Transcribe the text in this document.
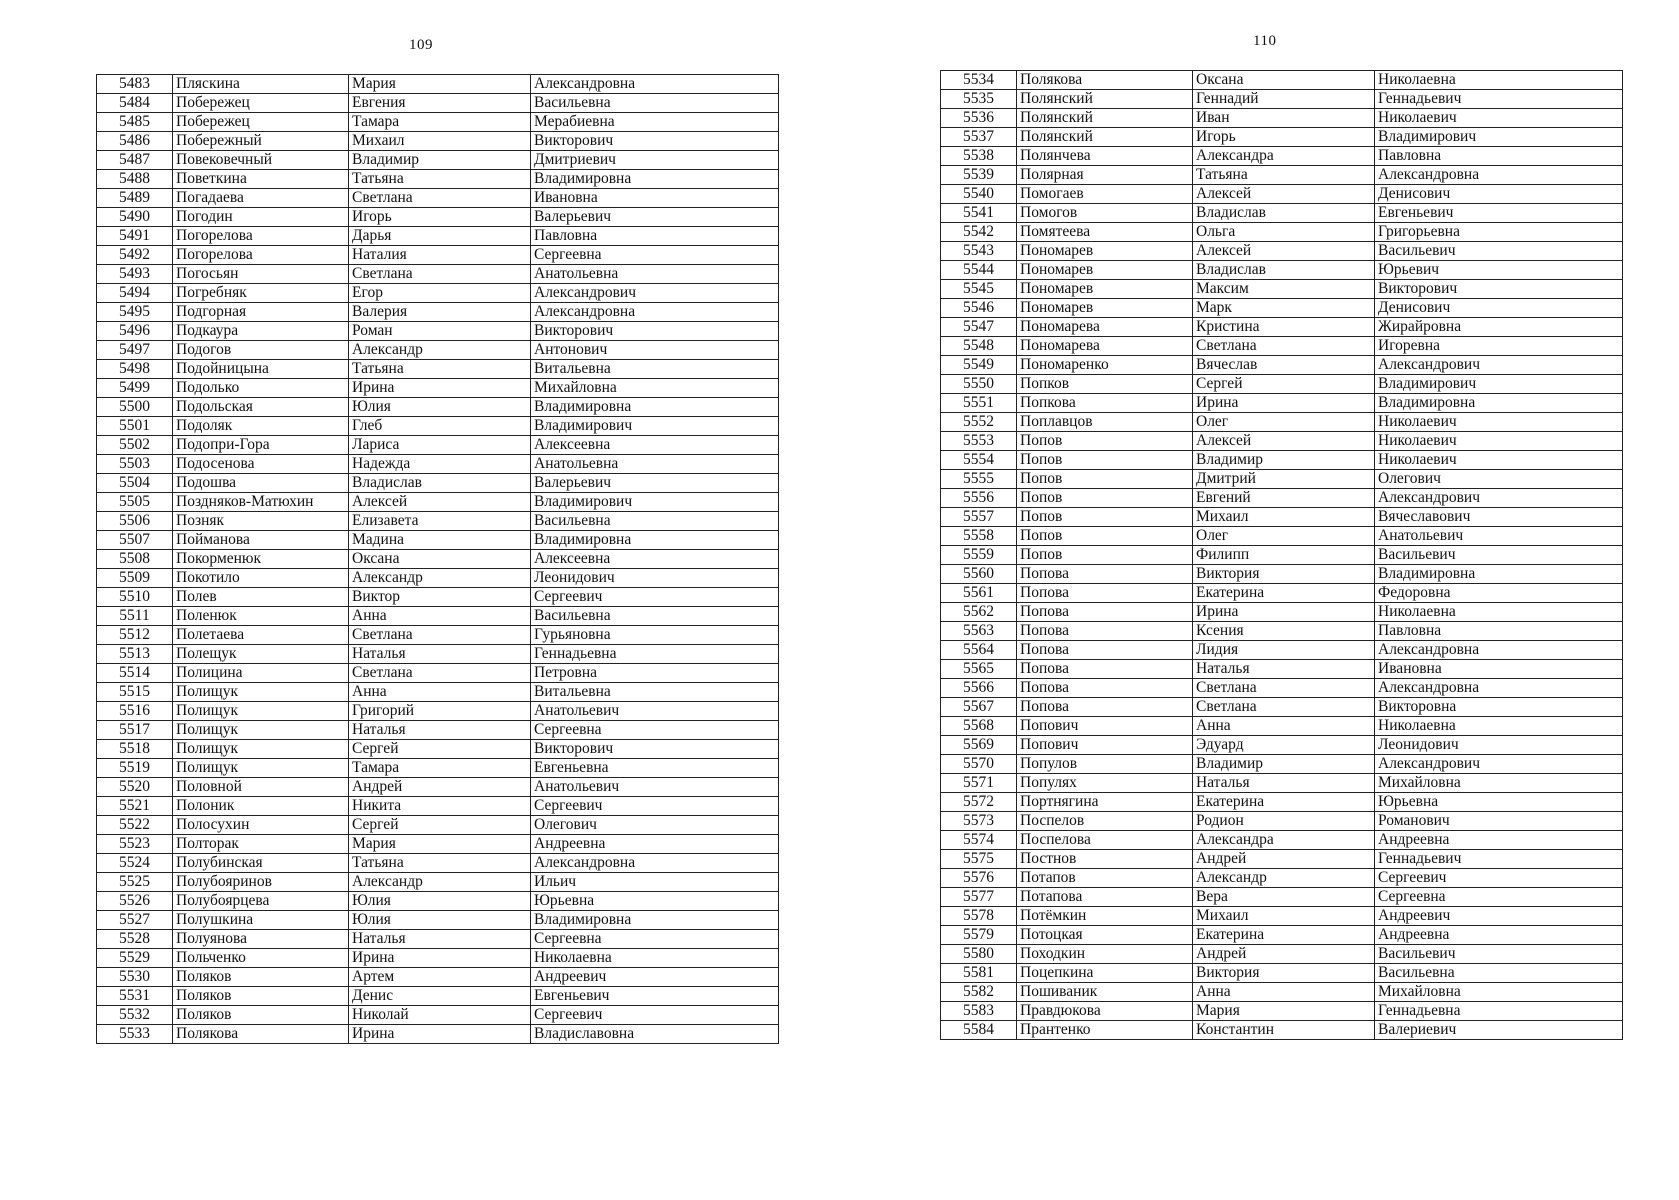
109
5483	Пляскина	Мария	Александровна
5484	Побережец	Евгения	Васильевна
5485	Побережец	Тамара	Мерабиевна
5486	Побережный	Михаил	Викторович
5487	Повековечный	Владимир	Дмитриевич
5488	Поветкина	Татьяна	Владимировна
5489	Погадаева	Светлана	Ивановна
5490	Погодин	Игорь	Валерьевич
5491	Погорелова	Дарья	Павловна
5492	Погорелова	Наталия	Сергеевна
5493	Погосьян	Светлана	Анатольевна
5494	Погребняк	Егор	Александрович
5495	Подгорная	Валерия	Александровна
5496	Подкаура	Роман	Викторович
5497	Подогов	Александр	Антонович
5498	Подойницына	Татьяна	Витальевна
5499	Подолько	Ирина	Михайловна
5500	Подольская	Юлия	Владимировна
5501	Подоляк	Глеб	Владимирович
5502	Подопри-Гора	Лариса	Алексеевна
5503	Подосенова	Надежда	Анатольевна
5504	Подошва	Владислав	Валерьевич
5505	Поздняков-Матюхин	Алексей	Владимирович
5506	Позняк	Елизавета	Васильевна
5507	Пойманова	Мадина	Владимировна
5508	Покорменюк	Оксана	Алексеевна
5509	Покотило	Александр	Леонидович
5510	Полев	Виктор	Сергеевич
5511	Поленюк	Анна	Васильевна
5512	Полетаева	Светлана	Гурьяновна
5513	Полещук	Наталья	Геннадьевна
5514	Полицина	Светлана	Петровна
5515	Полищук	Анна	Витальевна
5516	Полищук	Григорий	Анатольевич
5517	Полищук	Наталья	Сергеевна
5518	Полищук	Сергей	Викторович
5519	Полищук	Тамара	Евгеньевна
5520	Половной	Андрей	Анатольевич
5521	Полоник	Никита	Сергеевич
5522	Полосухин	Сергей	Олегович
5523	Полторак	Мария	Андреевна
5524	Полубинская	Татьяна	Александровна
5525	Полубояринов	Александр	Ильич
5526	Полубоярцева	Юлия	Юрьевна
5527	Полушкина	Юлия	Владимировна
5528	Полуянова	Наталья	Сергеевна
5529	Польченко	Ирина	Николаевна
5530	Поляков	Артем	Андреевич
5531	Поляков	Денис	Евгеньевич
5532	Поляков	Николай	Сергеевич
5533	Полякова	Ирина	Владиславовна
110
5534	Полякова	Оксана	Николаевна
5535	Полянский	Геннадий	Геннадьевич
5536	Полянский	Иван	Николаевич
5537	Полянский	Игорь	Владимирович
5538	Полянчева	Александра	Павловна
5539	Полярная	Татьяна	Александровна
5540	Помогаев	Алексей	Денисович
5541	Помогов	Владислав	Евгеньевич
5542	Помятеева	Ольга	Григорьевна
5543	Пономарев	Алексей	Васильевич
5544	Пономарев	Владислав	Юрьевич
5545	Пономарев	Максим	Викторович
5546	Пономарев	Марк	Денисович
5547	Пономарева	Кристина	Жирайровна
5548	Пономарева	Светлана	Игоревна
5549	Пономаренко	Вячеслав	Александрович
5550	Попков	Сергей	Владимирович
5551	Попкова	Ирина	Владимировна
5552	Поплавцов	Олег	Николаевич
5553	Попов	Алексей	Николаевич
5554	Попов	Владимир	Николаевич
5555	Попов	Дмитрий	Олегович
5556	Попов	Евгений	Александрович
5557	Попов	Михаил	Вячеславович
5558	Попов	Олег	Анатольевич
5559	Попов	Филипп	Васильевич
5560	Попова	Виктория	Владимировна
5561	Попова	Екатерина	Федоровна
5562	Попова	Ирина	Николаевна
5563	Попова	Ксения	Павловна
5564	Попова	Лидия	Александровна
5565	Попова	Наталья	Ивановна
5566	Попова	Светлана	Александровна
5567	Попова	Светлана	Викторовна
5568	Попович	Анна	Николаевна
5569	Попович	Эдуард	Леонидович
5570	Популов	Владимир	Александрович
5571	Популях	Наталья	Михайловна
5572	Портнягина	Екатерина	Юрьевна
5573	Поспелов	Родион	Романович
5574	Поспелова	Александра	Андреевна
5575	Постнов	Андрей	Геннадьевич
5576	Потапов	Александр	Сергеевич
5577	Потапова	Вера	Сергеевна
5578	Потёмкин	Михаил	Андреевич
5579	Потоцкая	Екатерина	Андреевна
5580	Походкин	Андрей	Васильевич
5581	Поцепкина	Виктория	Васильевна
5582	Пошиваник	Анна	Михайловна
5583	Правдюкова	Мария	Геннадьевна
5584	Прантенко	Константин	Валериевич
